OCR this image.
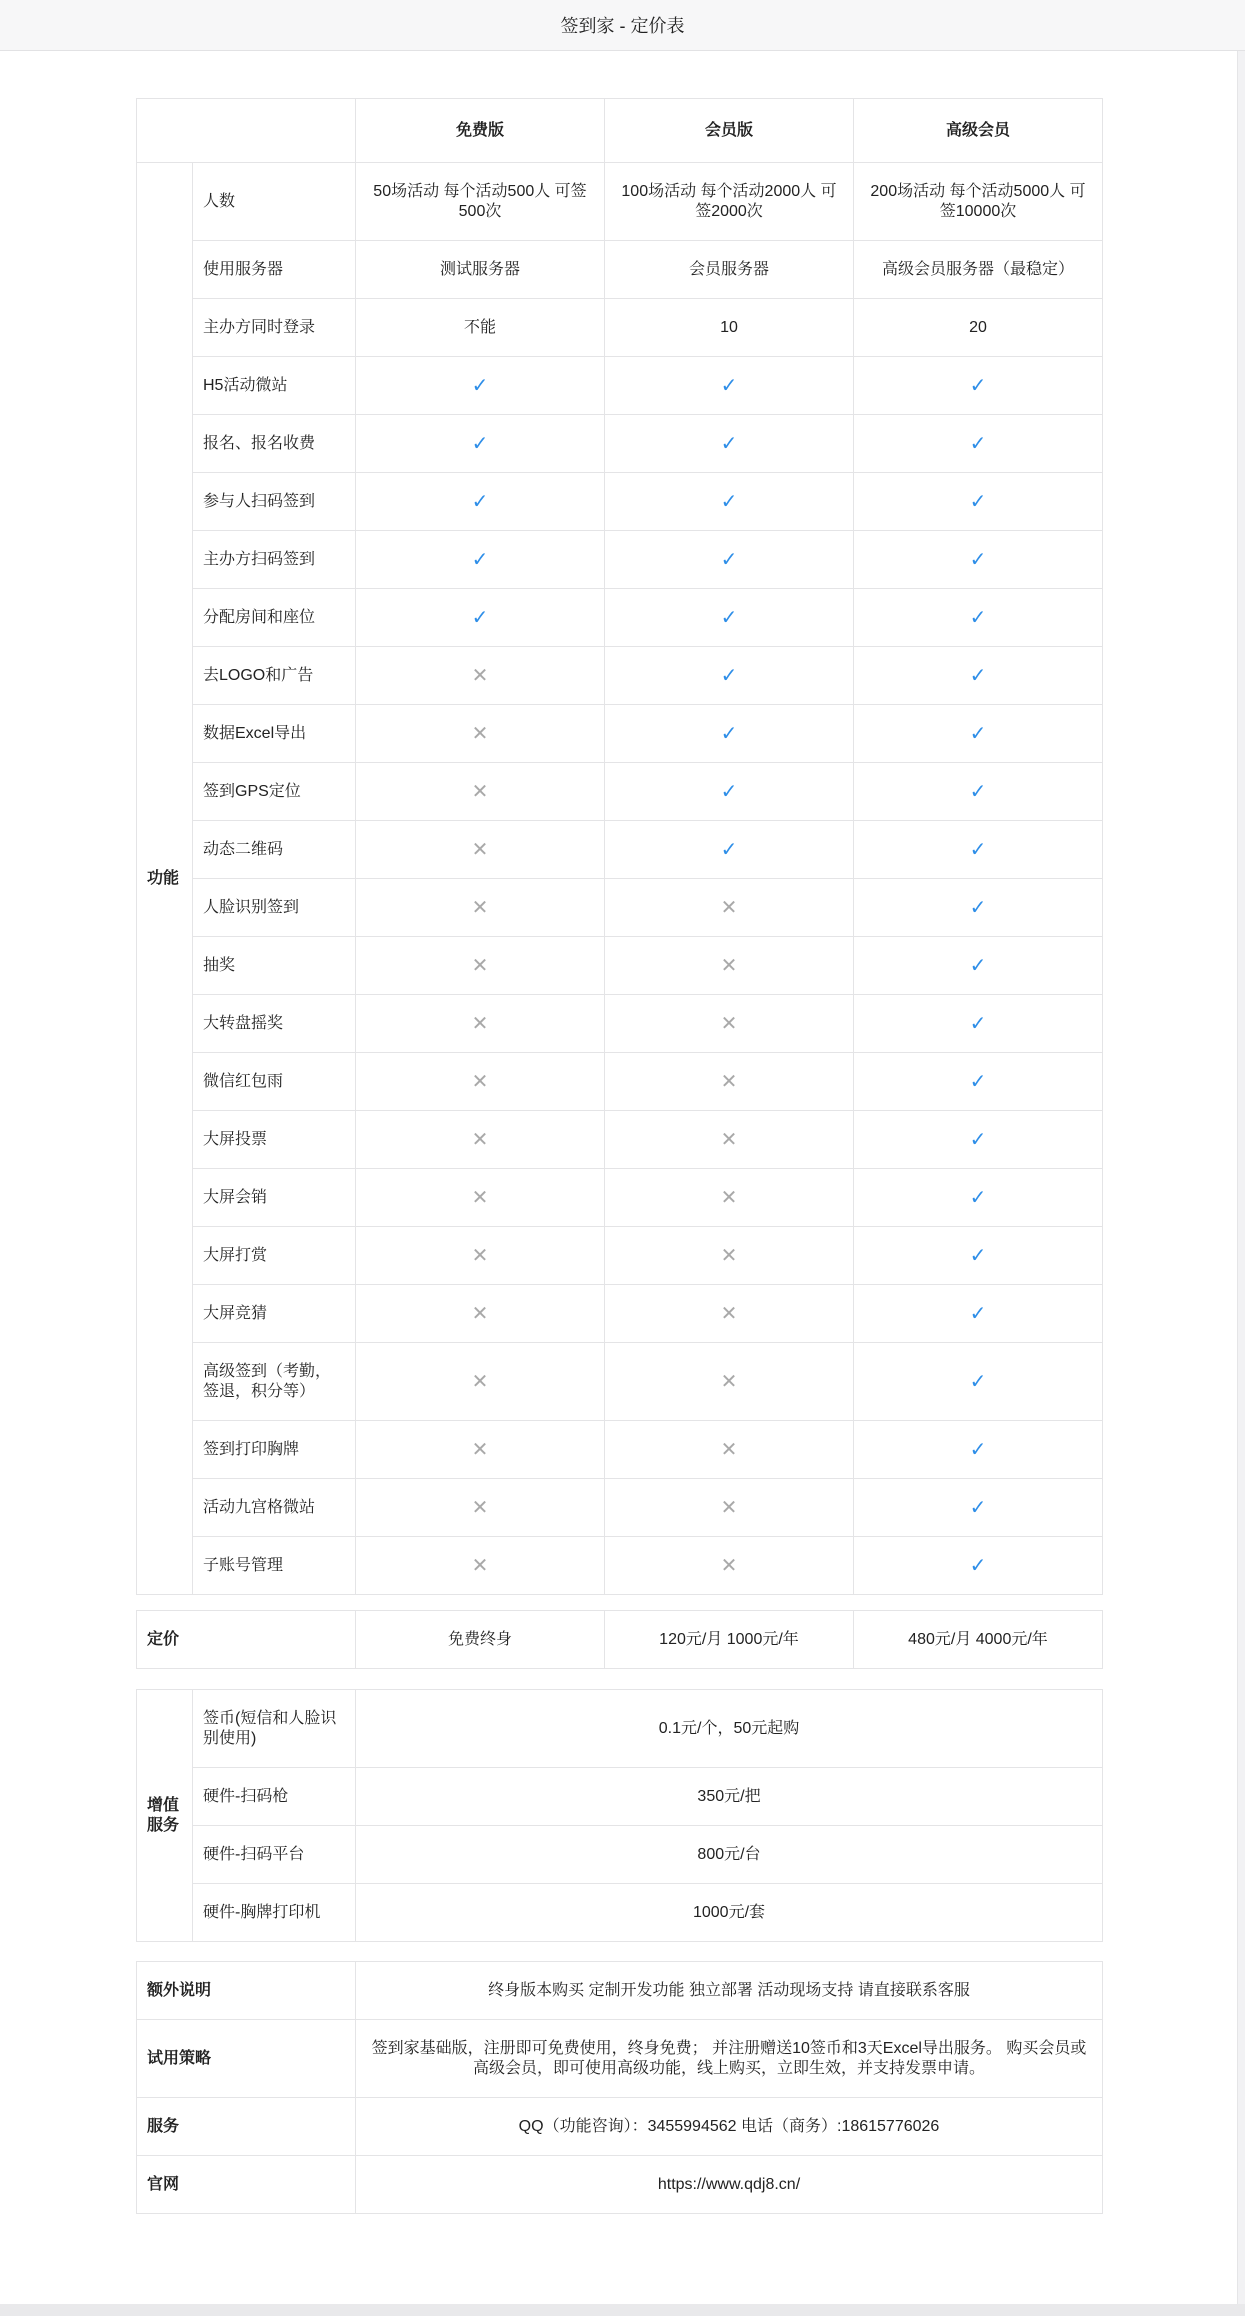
签到家 - 定价表
		免费版	会员版	高级会员
功能	人数	50场活动 每个活动500人 可签500次	100场活动 每个活动2000人 可签2000次	200场活动 每个活动5000人 可签10000次
	使用服务器	测试服务器	会员服务器	高级会员服务器（最稳定）
	主办方同时登录	不能	10	20
	H5活动微站	✓	✓	✓
	报名、报名收费	✓	✓	✓
	参与人扫码签到	✓	✓	✓
	主办方扫码签到	✓	✓	✓
	分配房间和座位	✓	✓	✓
	去LOGO和广告	✕	✓	✓
	数据Excel导出	✕	✓	✓
	签到GPS定位	✕	✓	✓
	动态二维码	✕	✓	✓
	人脸识别签到	✕	✕	✓
	抽奖	✕	✕	✓
	大转盘摇奖	✕	✕	✓
	微信红包雨	✕	✕	✓
	大屏投票	✕	✕	✓
	大屏会销	✕	✕	✓
	大屏打赏	✕	✕	✓
	大屏竞猜	✕	✕	✓
	高级签到（考勤，签退，积分等）	✕	✕	✓
	签到打印胸牌	✕	✕	✓
	活动九宫格微站	✕	✕	✓
	子账号管理	✕	✕	✓
定价	免费终身	120元/月 1000元/年	480元/月 4000元/年
增值服务	签币(短信和人脸识别使用)	0.1元/个，50元起购
	硬件-扫码枪	350元/把
	硬件-扫码平台	800元/台
	硬件-胸牌打印机	1000元/套
额外说明	终身版本购买 定制开发功能 独立部署 活动现场支持 请直接联系客服
试用策略	签到家基础版，注册即可免费使用，终身免费； 并注册赠送10签币和3天Excel导出服务。 购买会员或高级会员，即可使用高级功能，线上购买，立即生效，并支持发票申请。
服务	QQ（功能咨询）：3455994562 电话（商务）:18615776026
官网	https://www.qdj8.cn/
